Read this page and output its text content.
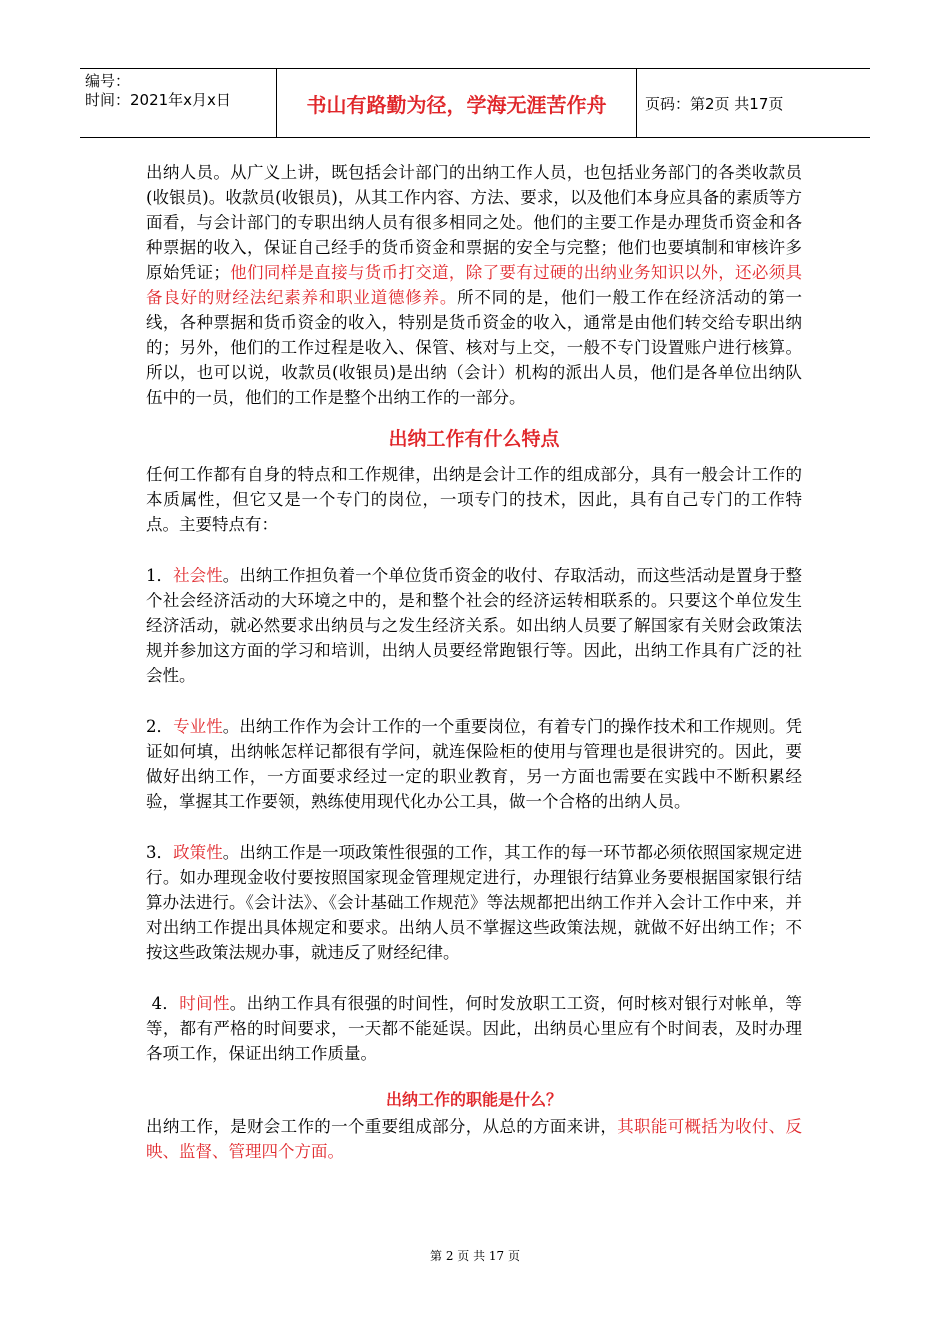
编号：
时间：2021年x月x日	书山有路勤为径，学海无涯苦作舟	页码：第2页 共17页

出纳人员。从广义上讲，既包括会计部门的出纳工作人员，也包括业务部门的各类收款员(收银员)。收款员(收银员)，从其工作内容、方法、要求，以及他们本身应具备的素质等方面看，与会计部门的专职出纳人员有很多相同之处。他们的主要工作是办理货币资金和各种票据的收入，保证自己经手的货币资金和票据的安全与完整；他们也要填制和审核许多原始凭证；他们同样是直接与货币打交道，除了要有过硬的出纳业务知识以外，还必须具备良好的财经法纪素养和职业道德修养。所不同的是，他们一般工作在经济活动的第一线，各种票据和货币资金的收入，特别是货币资金的收入，通常是由他们转交给专职出纳的；另外，他们的工作过程是收入、保管、核对与上交，一般不专门设置账户进行核算。所以，也可以说，收款员(收银员)是出纳（会计）机构的派出人员，他们是各单位出纳队伍中的一员，他们的工作是整个出纳工作的一部分。

出纳工作有什么特点

任何工作都有自身的特点和工作规律，出纳是会计工作的组成部分，具有一般会计工作的本质属性，但它又是一个专门的岗位，一项专门的技术，因此，具有自己专门的工作特点。主要特点有：

1．社会性。出纳工作担负着一个单位货币资金的收付、存取活动，而这些活动是置身于整个社会经济活动的大环境之中的，是和整个社会的经济运转相联系的。只要这个单位发生经济活动，就必然要求出纳员与之发生经济关系。如出纳人员要了解国家有关财会政策法规并参加这方面的学习和培训，出纳人员要经常跑银行等。因此，出纳工作具有广泛的社会性。

2．专业性。出纳工作作为会计工作的一个重要岗位，有着专门的操作技术和工作规则。凭证如何填，出纳帐怎样记都很有学问，就连保险柜的使用与管理也是很讲究的。因此，要做好出纳工作，一方面要求经过一定的职业教育，另一方面也需要在实践中不断积累经验，掌握其工作要领，熟练使用现代化办公工具，做一个合格的出纳人员。

3．政策性。出纳工作是一项政策性很强的工作，其工作的每一环节都必须依照国家规定进行。如办理现金收付要按照国家现金管理规定进行，办理银行结算业务要根据国家银行结算办法进行。《会计法》、《会计基础工作规范》等法规都把出纳工作并入会计工作中来，并对出纳工作提出具体规定和要求。出纳人员不掌握这些政策法规，就做不好出纳工作；不按这些政策法规办事，就违反了财经纪律。

4．时间性。出纳工作具有很强的时间性，何时发放职工工资，何时核对银行对帐单，等等，都有严格的时间要求，一天都不能延误。因此，出纳员心里应有个时间表，及时办理各项工作，保证出纳工作质量。

出纳工作的职能是什么？

出纳工作，是财会工作的一个重要组成部分，从总的方面来讲，其职能可概括为收付、反映、监督、管理四个方面。

第 2 页 共 17 页
